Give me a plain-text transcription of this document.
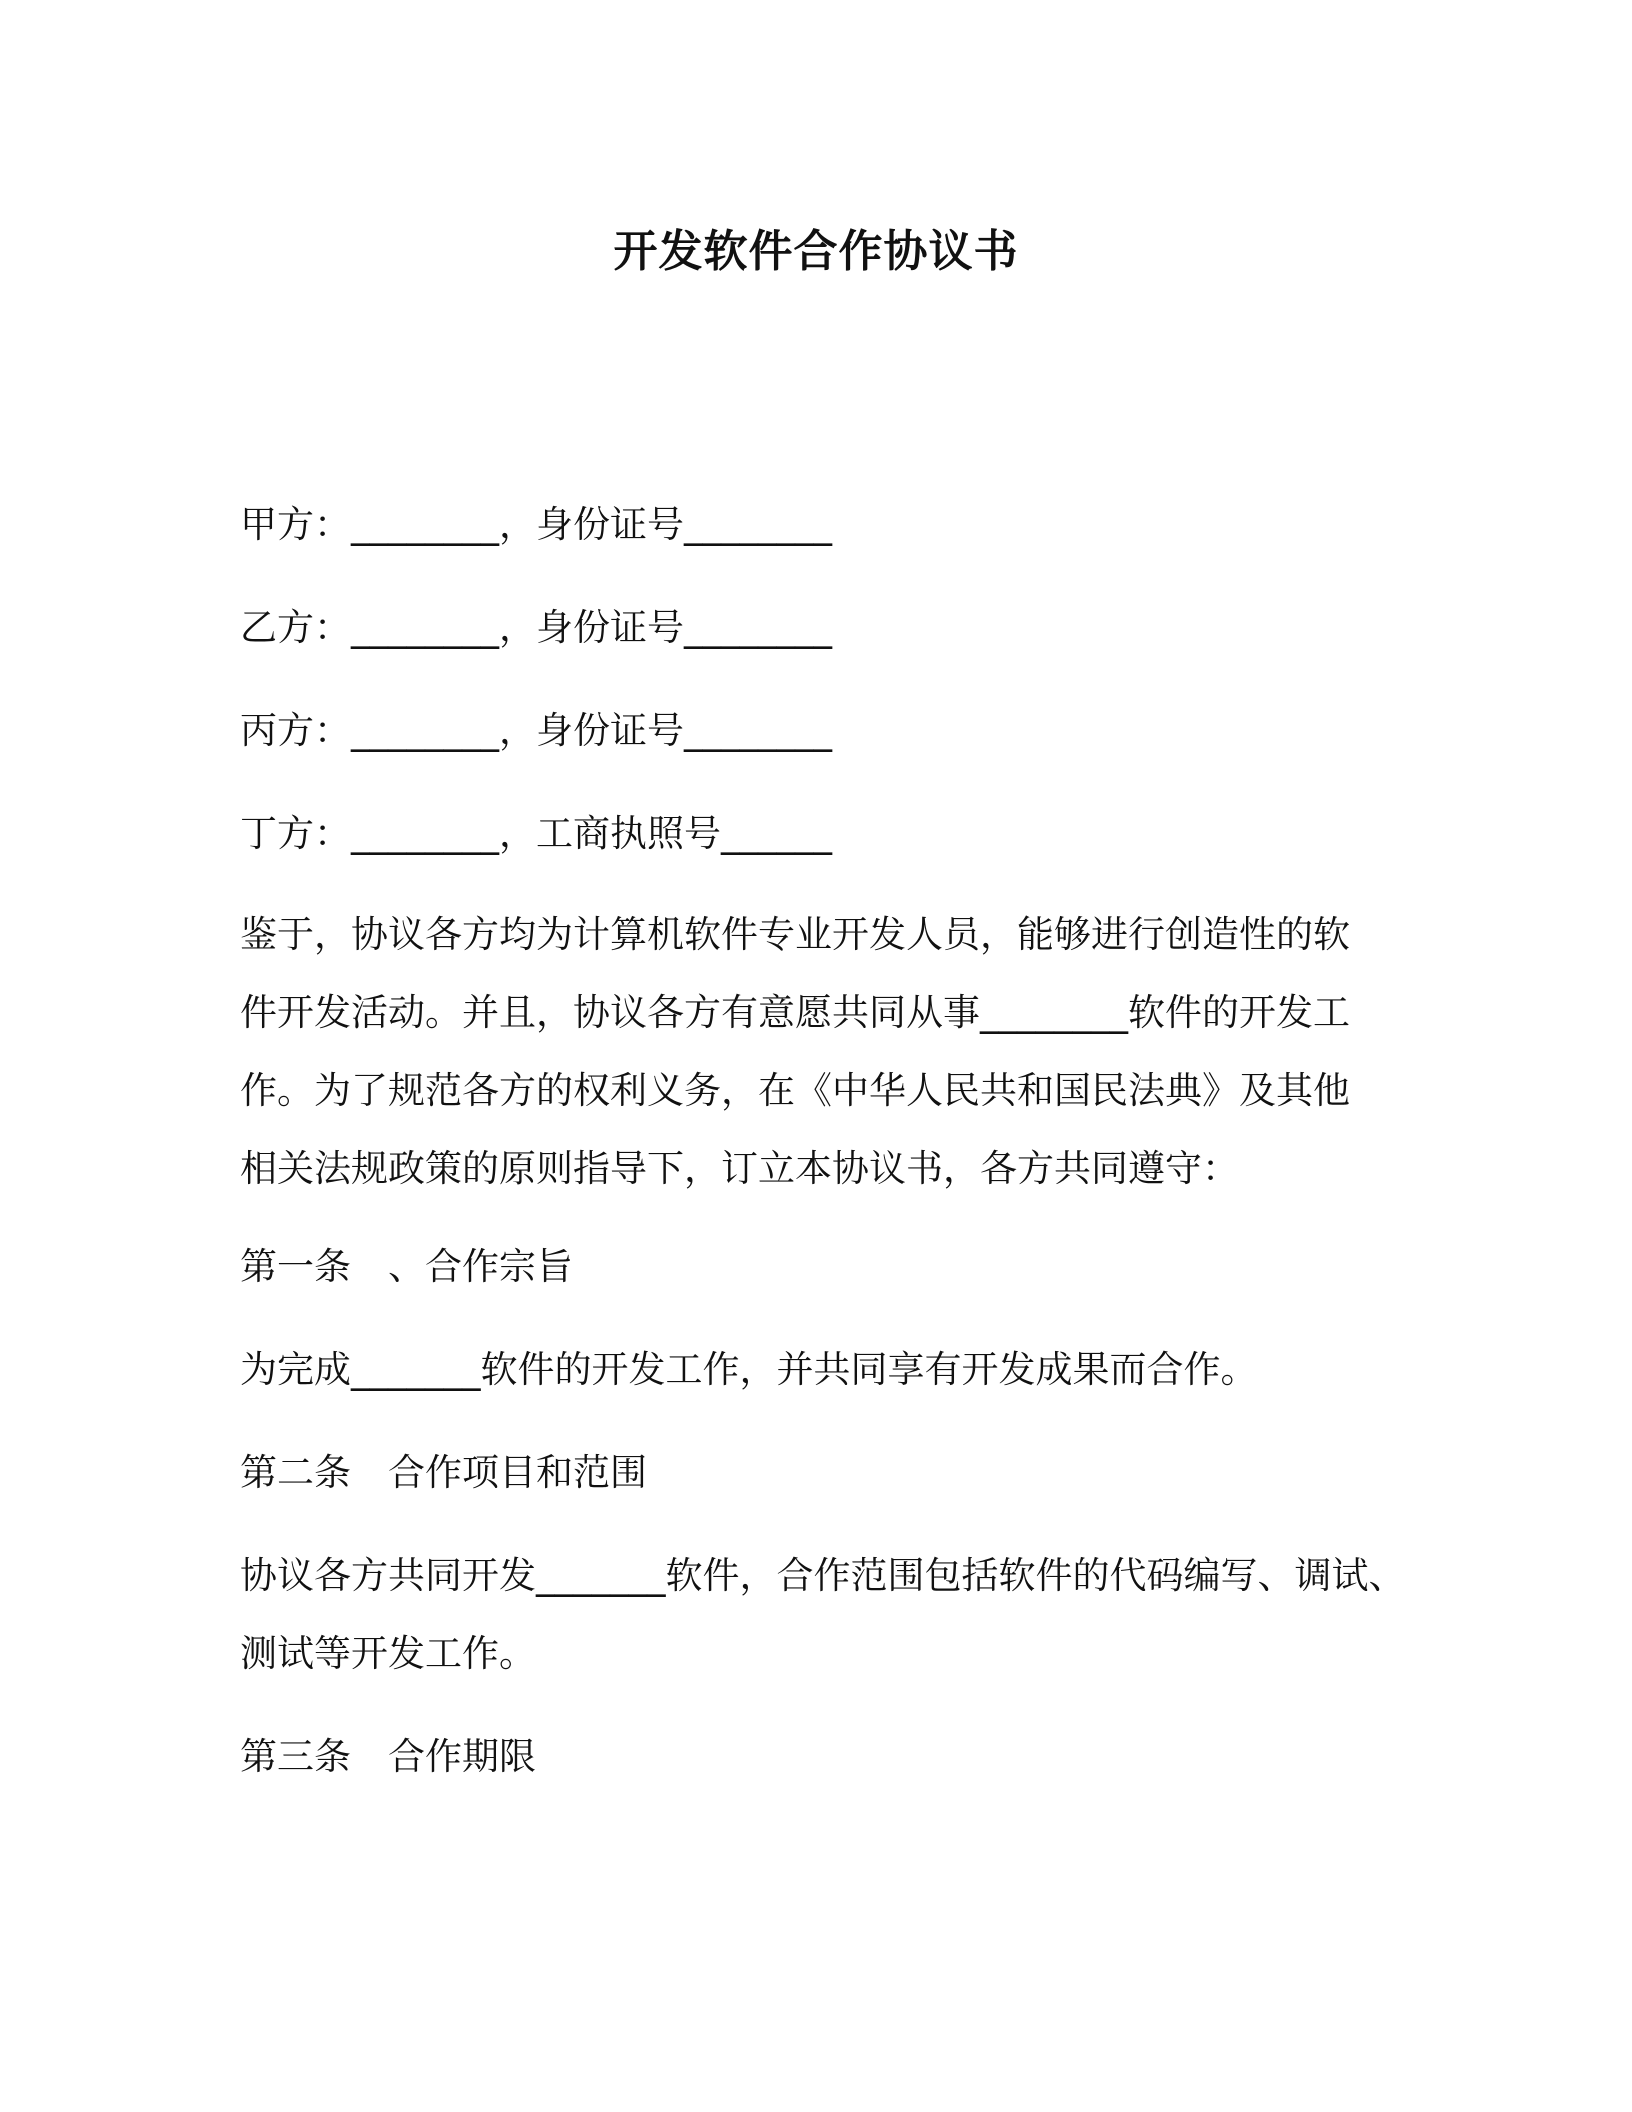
开发软件合作协议书
甲方：________，身份证号________
乙方：________，身份证号________
丙方：________，身份证号________
丁方：________，工商执照号______
鉴于，协议各方均为计算机软件专业开发人员，能够进行创造性的软
件开发活动。并且，协议各方有意愿共同从事________软件的开发工
作。为了规范各方的权利义务，在《中华人民共和国民法典》及其他
相关法规政策的原则指导下，订立本协议书，各方共同遵守：
第一条　、合作宗旨
为完成_______软件的开发工作，并共同享有开发成果而合作。
第二条　合作项目和范围
协议各方共同开发_______软件，合作范围包括软件的代码编写、调试、
测试等开发工作。
第三条　合作期限
